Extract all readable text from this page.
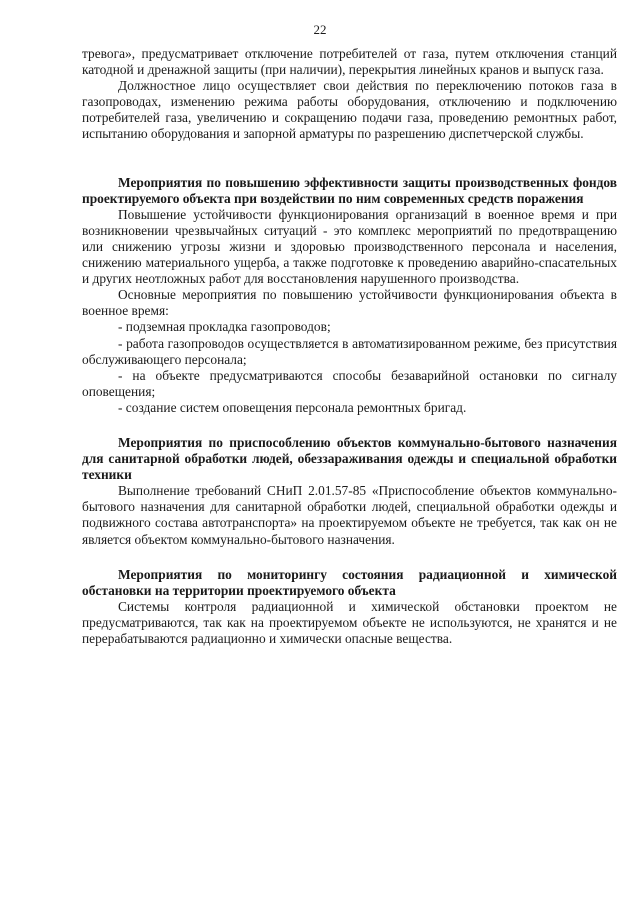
22

тревога», предусматривает отключение потребителей от газа, путем отключения станций катодной и дренажной защиты (при наличии), перекрытия линейных кранов и выпуск газа.

Должностное лицо осуществляет свои действия по переключению потоков газа в газопроводах, изменению режима работы оборудования, отключению и подключению потребителей газа, увеличению и сокращению подачи газа, проведению ремонтных работ, испытанию оборудования и запорной арматуры по разрешению диспетчерской службы.

Мероприятия по повышению эффективности защиты производственных фондов проектируемого объекта при воздействии по ним современных средств поражения

Повышение устойчивости функционирования организаций в военное время и при возникновении чрезвычайных ситуаций - это комплекс мероприятий по предотвращению или снижению угрозы жизни и здоровью производственного персонала и населения, снижению материального ущерба, а также подготовке к проведению аварийно-спасательных и других неотложных работ для восстановления нарушенного производства.

Основные мероприятия по повышению устойчивости функционирования объекта в военное время:

- подземная прокладка газопроводов;

- работа газопроводов осуществляется в автоматизированном режиме, без присутствия обслуживающего персонала;

- на объекте предусматриваются способы безаварийной остановки по сигналу оповещения;

- создание систем оповещения персонала ремонтных бригад.

Мероприятия по приспособлению объектов коммунально-бытового назначения для санитарной обработки людей, обеззараживания одежды и специальной обработки техники

Выполнение требований СНиП 2.01.57-85 «Приспособление объектов коммунально-бытового назначения для санитарной обработки людей, специальной обработки одежды и подвижного состава автотранспорта» на проектируемом объекте не требуется, так как он не является объектом коммунально-бытового назначения.

Мероприятия по мониторингу состояния радиационной и химической обстановки на территории проектируемого объекта

Системы контроля радиационной и химической обстановки проектом не предусматриваются, так как на проектируемом объекте не используются, не хранятся и не перерабатываются радиационно и химически опасные вещества.
